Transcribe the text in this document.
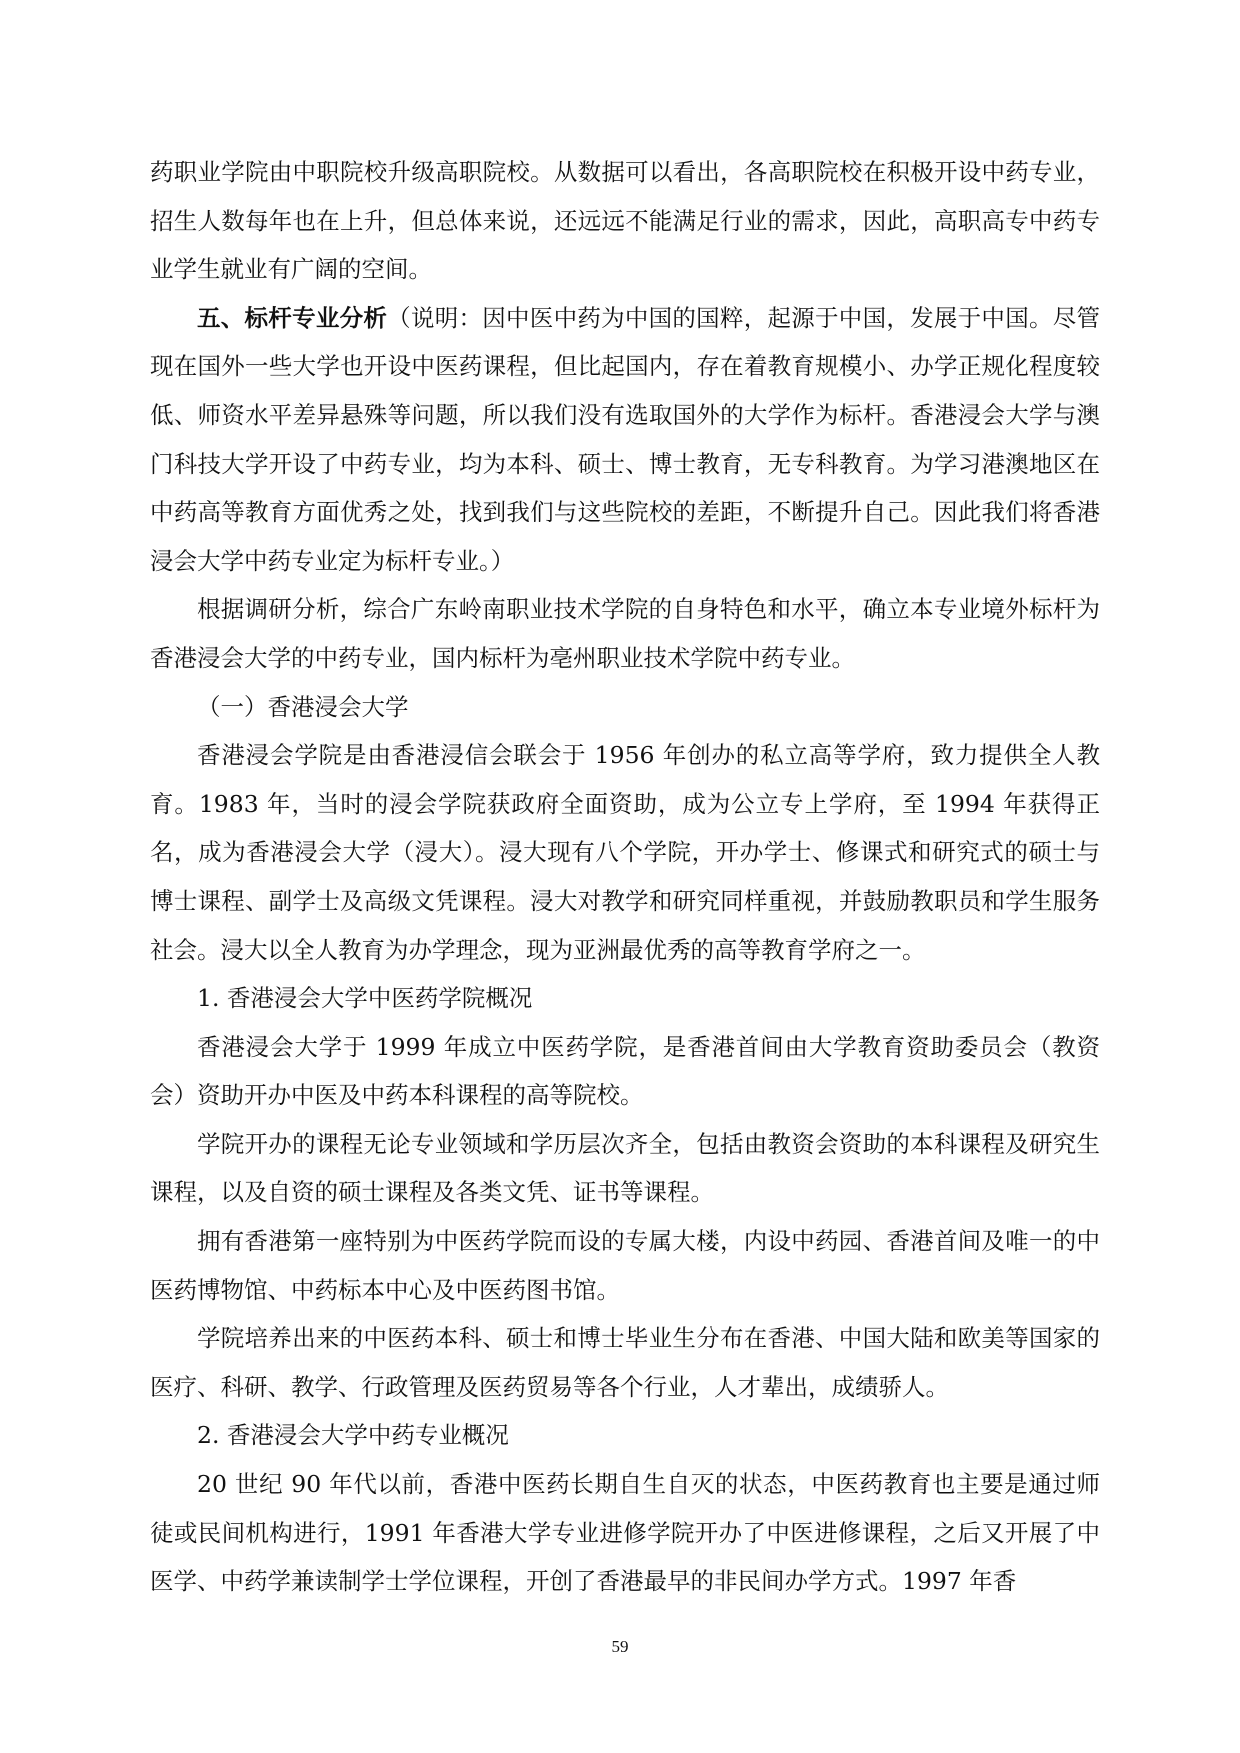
药职业学院由中职院校升级高职院校。从数据可以看出，各高职院校在积极开设中药专业，招生人数每年也在上升，但总体来说，还远远不能满足行业的需求，因此，高职高专中药专业学生就业有广阔的空间。

五、标杆专业分析（说明：因中医中药为中国的国粹，起源于中国，发展于中国。尽管现在国外一些大学也开设中医药课程，但比起国内，存在着教育规模小、办学正规化程度较低、师资水平差异悬殊等问题，所以我们没有选取国外的大学作为标杆。香港浸会大学与澳门科技大学开设了中药专业，均为本科、硕士、博士教育，无专科教育。为学习港澳地区在中药高等教育方面优秀之处，找到我们与这些院校的差距，不断提升自己。因此我们将香港浸会大学中药专业定为标杆专业。）

根据调研分析，综合广东岭南职业技术学院的自身特色和水平，确立本专业境外标杆为香港浸会大学的中药专业，国内标杆为亳州职业技术学院中药专业。

（一）香港浸会大学

香港浸会学院是由香港浸信会联会于 1956 年创办的私立高等学府，致力提供全人教育。1983 年，当时的浸会学院获政府全面资助，成为公立专上学府，至 1994 年获得正名，成为香港浸会大学（浸大）。浸大现有八个学院，开办学士、修课式和研究式的硕士与博士课程、副学士及高级文凭课程。浸大对教学和研究同样重视，并鼓励教职员和学生服务社会。浸大以全人教育为办学理念，现为亚洲最优秀的高等教育学府之一。

1. 香港浸会大学中医药学院概况

香港浸会大学于 1999 年成立中医药学院，是香港首间由大学教育资助委员会（教资会）资助开办中医及中药本科课程的高等院校。

学院开办的课程无论专业领域和学历层次齐全，包括由教资会资助的本科课程及研究生课程，以及自资的硕士课程及各类文凭、证书等课程。

拥有香港第一座特别为中医药学院而设的专属大楼，内设中药园、香港首间及唯一的中医药博物馆、中药标本中心及中医药图书馆。

学院培养出来的中医药本科、硕士和博士毕业生分布在香港、中国大陆和欧美等国家的医疗、科研、教学、行政管理及医药贸易等各个行业，人才辈出，成绩骄人。

2. 香港浸会大学中药专业概况

20 世纪 90 年代以前，香港中医药长期自生自灭的状态，中医药教育也主要是通过师徒或民间机构进行，1991 年香港大学专业进修学院开办了中医进修课程，之后又开展了中医学、中药学兼读制学士学位课程，开创了香港最早的非民间办学方式。1997 年香

59
